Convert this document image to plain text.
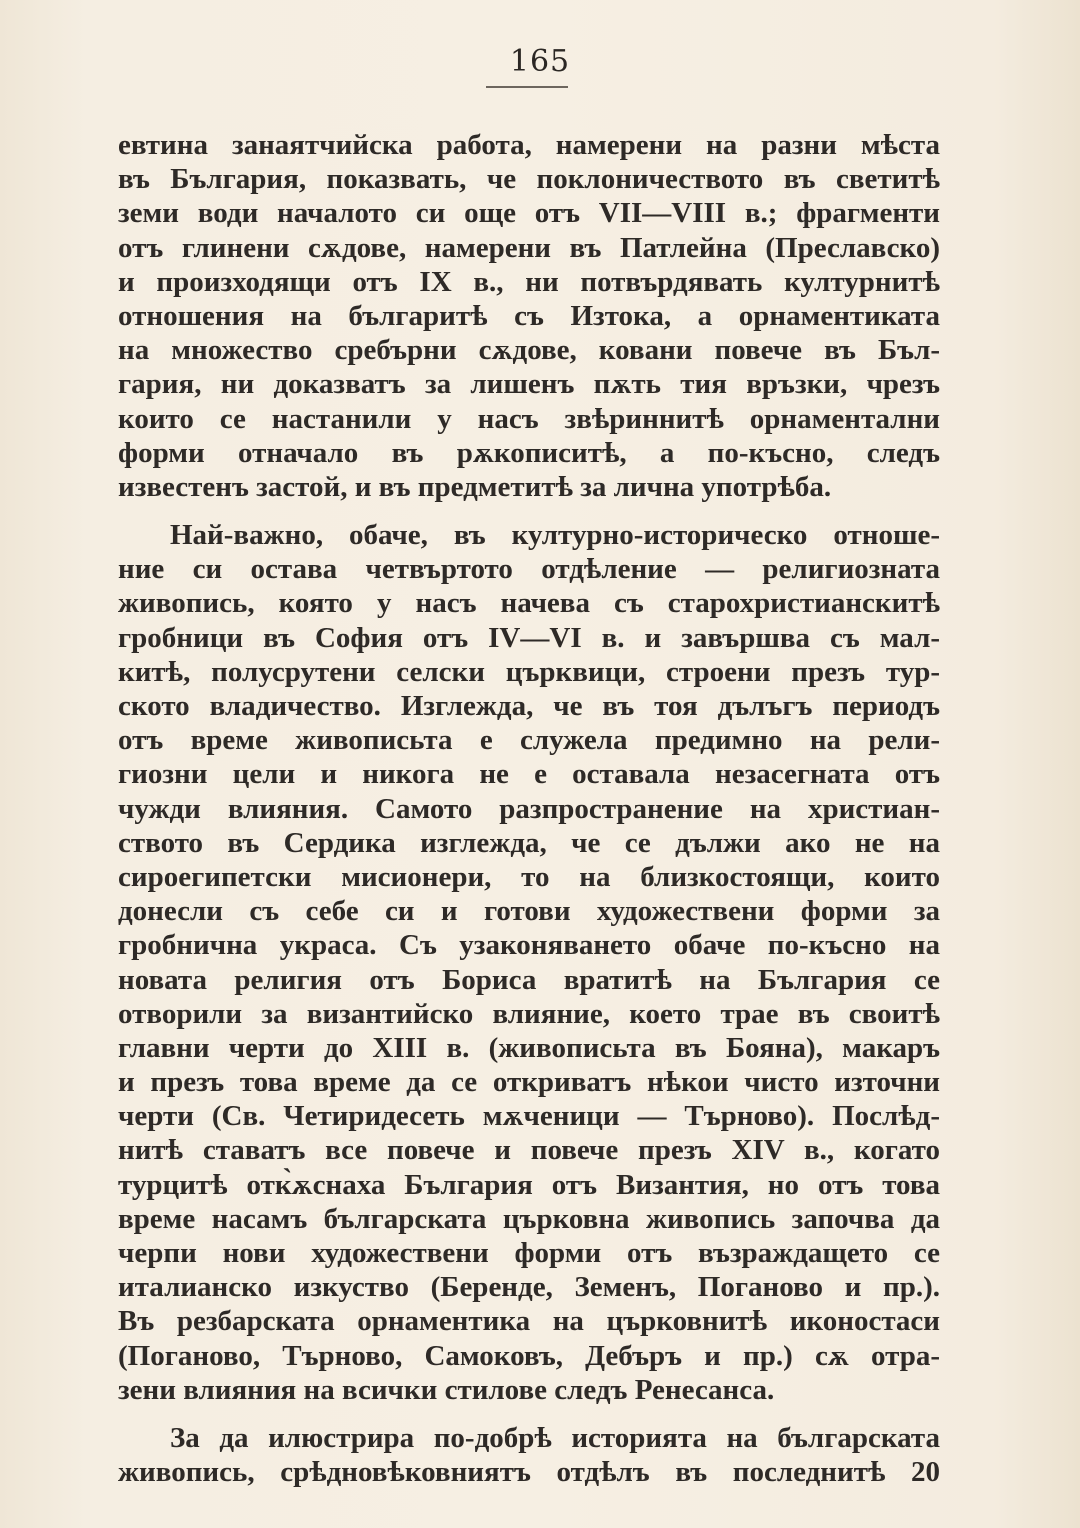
165
евтина занаятчийска работа, намерени на разни мѣста
въ България, показвать, че поклоничеството въ светитѣ
земи води началото си още отъ VII—VIII в.; фрагменти
отъ глинени сѫдове, намерени въ Патлейна (Преславско)
и произходящи отъ IX в., ни потвърдявать културнитѣ
отношения на българитѣ съ Изтока, а орнаментиката
на множество сребърни сѫдове, ковани повече въ Бъл-
гария, ни доказватъ за лишенъ пѫть тия връзки, чрезъ
които се настанили у насъ звѣриннитѣ орнаментални
форми отначало въ рѫкописитѣ, а по-късно, следъ
известенъ застой, и въ предметитѣ за лична употрѣба.
Най-важно, обаче, въ културно-историческо отноше-
ние си остава четвъртото отдѣление — религиозната
живопись, която у насъ начева съ старохристианскитѣ
гробници въ София отъ IV—VI в. и завършва съ мал-
китѣ, полусрутени селски църквици, строени презъ тур-
ското владичество. Изглежда, че въ тоя дълъгъ периодъ
отъ време живописьта е служела предимно на рели-
гиозни цели и никога не е оставала незасегната отъ
чужди влияния. Самото разпространение на христиан-
ството въ Сердика изглежда, че се дължи ако не на
сироегипетски мисионери, то на близкостоящи, които
донесли съ себе си и готови художествени форми за
гробнична украса. Съ узаконяването обаче по-късно на
новата религия отъ Бориса вратитѣ на България се
отворили за византийско влияние, което трае въ своитѣ
главни черти до XIII в. (живописьта въ Бояна), макаръ
и презъ това време да се откриватъ нѣкои чисто източни
черти (Св. Четиридесеть мѫченици — Търново). Послѣд-
нитѣ ставатъ все повече и повече презъ XIV в., когато
турцитѣ отк̀ѫснаха България отъ Византия, но отъ това
време насамъ българската църковна живопись започва да
черпи нови художествени форми отъ възраждащето се
италианско изкуство (Беренде, Земенъ, Поганово и пр.).
Въ резбарската орнаментика на църковнитѣ иконостаси
(Поганово, Търново, Самоковъ, Дебъръ и пр.) сѫ отра-
зени влияния на всички стилове следъ Ренесанса.
За да илюстрира по-добрѣ историята на българската
живопись, срѣдновѣковниятъ отдѣлъ въ последнитѣ 20
